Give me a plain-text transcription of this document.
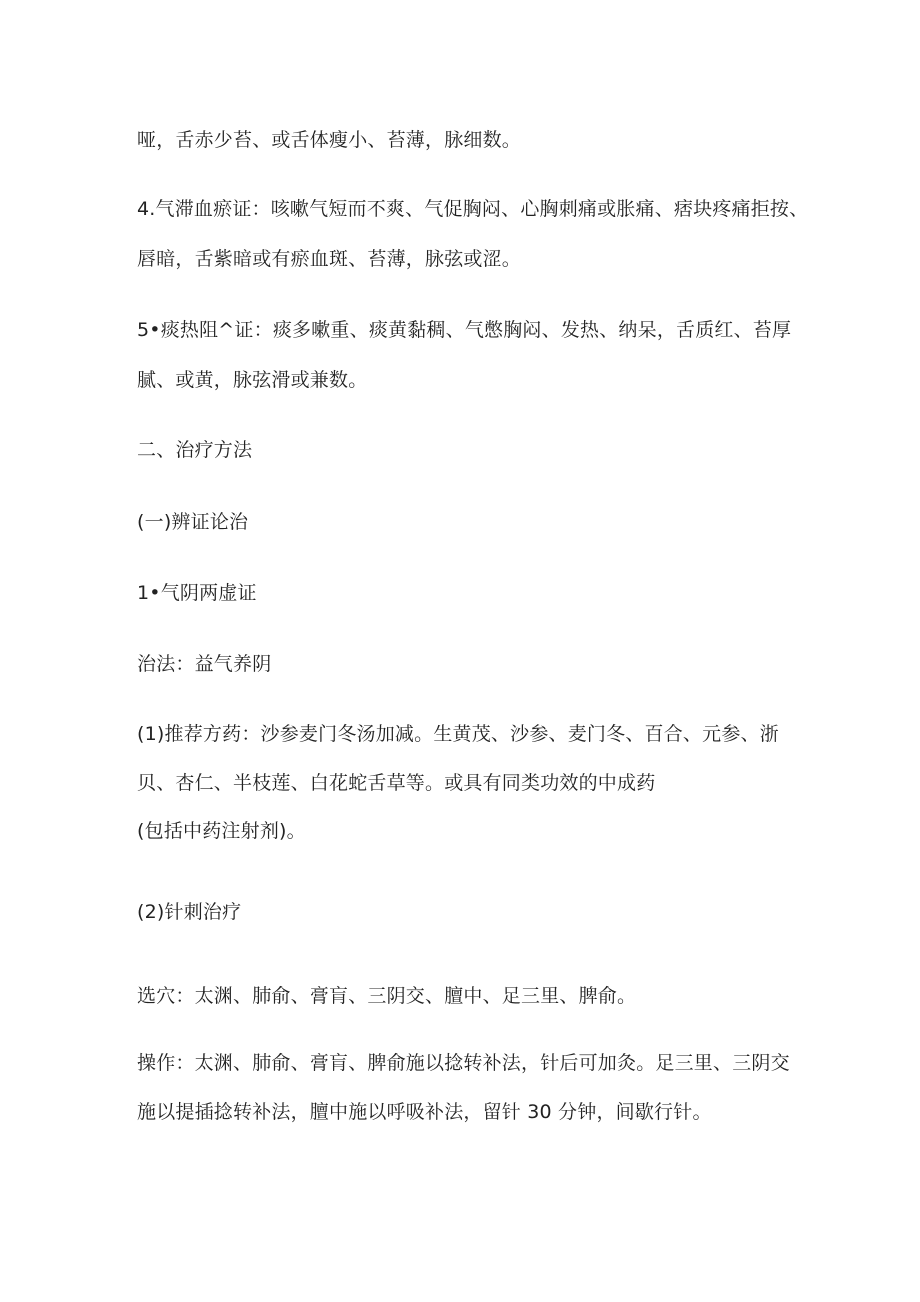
哑，舌赤少苔、或舌体瘦小、苔薄，脉细数。
4.气滞血瘀证：咳嗽气短而不爽、气促胸闷、心胸刺痛或胀痛、痞块疼痛拒按、
唇暗，舌紫暗或有瘀血斑、苔薄，脉弦或涩。
5•痰热阻^证：痰多嗽重、痰黄黏稠、气憋胸闷、发热、纳呆，舌质红、苔厚
腻、或黄，脉弦滑或兼数。
二、治疗方法
(一)辨证论治
1•气阴两虚证
治法：益气养阴
(1)推荐方药：沙参麦门冬汤加减。生黄茂、沙参、麦门冬、百合、元参、浙
贝、杏仁、半枝莲、白花蛇舌草等。或具有同类功效的中成药
(包括中药注射剂)。
(2)针刺治疗
选穴：太渊、肺俞、膏肓、三阴交、膻中、足三里、脾俞。
操作：太渊、肺俞、膏肓、脾俞施以捻转补法，针后可加灸。足三里、三阴交
施以提插捻转补法，膻中施以呼吸补法，留针 30 分钟，间歇行针。
